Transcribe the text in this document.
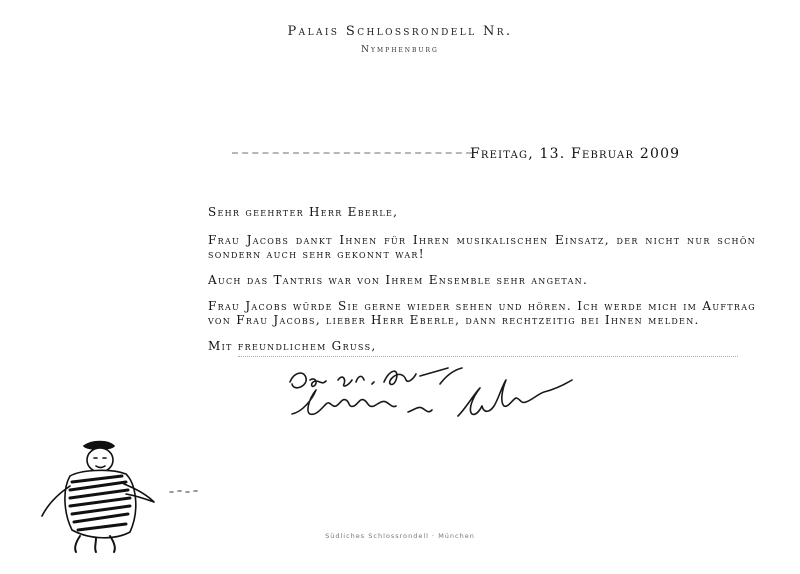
Palais Schlossrondell Nr.
Nymphenburg
Freitag, 13. Februar 2009

Sehr geehrter Herr Eberle,

Frau Jacobs dankt Ihnen für Ihren musikalischen Einsatz, der nicht nur schön sondern auch sehr gekonnt war!

Auch das Tantris war von Ihrem Ensemble sehr angetan.

Frau Jacobs würde Sie gerne wieder sehen und hören. Ich werde mich im Auftrag von Frau Jacobs, lieber Herr Eberle, dann rechtzeitig bei Ihnen melden.

Mit freundlichem Gruss,

Südliches Schlossrondell · München
